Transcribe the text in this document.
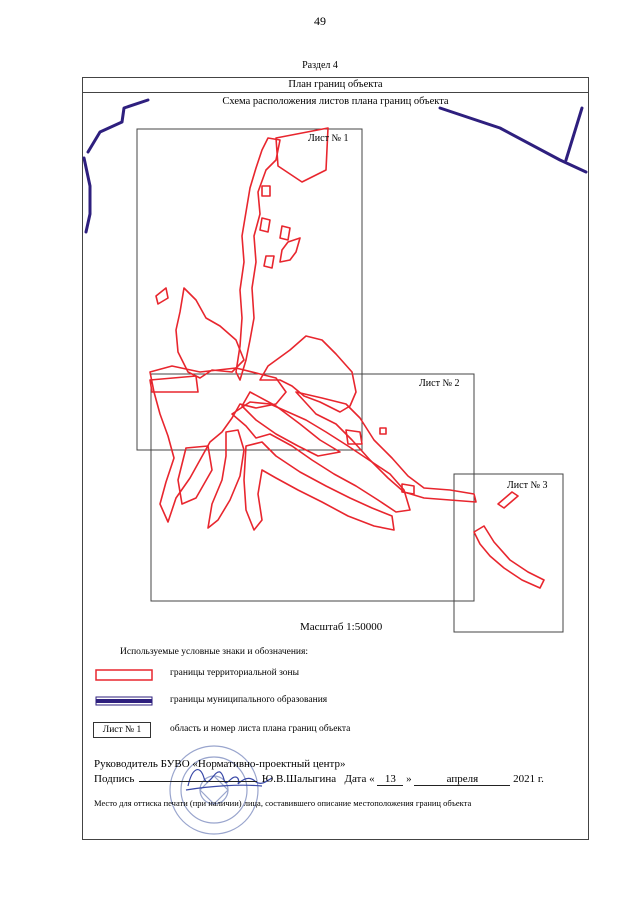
49
Раздел 4
План границ объекта
Схема расположения листов плана границ объекта
Лист № 1
Лист № 2
Лист № 3
Масштаб 1:50000
Используемые условные знаки и обозначения:
границы территориальной зоны
границы муниципального образования
Лист № 1	область и номер листа плана границ объекта
Руководитель БУВО «Нормативно-проектный центр»
Подпись	Ю.В.Шалыгина Дата « 13 »	апреля	2021 г.
Место для оттиска печати (при наличии) лица, составившего описание местоположения границ объекта
